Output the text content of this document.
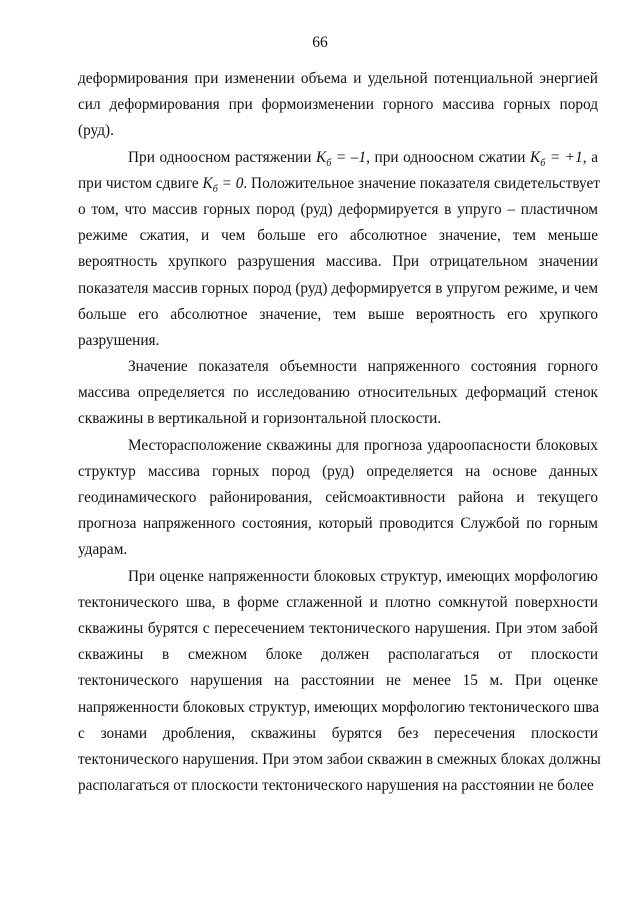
66
деформирования при изменении объема и удельной потенциальной энергией
сил деформирования при формоизменении горного массива горных пород
(руд).
При одноосном растяжении $K_б = -1$, при одноосном сжатии $K_б = +1$, а
при чистом сдвиге $K_б = 0$. Положительное значение показателя свидетельствует
о том, что массив горных пород (руд) деформируется в упруго – пластичном
режиме сжатия, и чем больше его абсолютное значение, тем меньше
вероятность хрупкого разрушения массива. При отрицательном значении
показателя массив горных пород (руд) деформируется в упругом режиме, и чем
больше его абсолютное значение, тем выше вероятность его хрупкого
разрушения.
Значение показателя объемности напряженного состояния горного
массива определяется по исследованию относительных деформаций стенок
скважины в вертикальной и горизонтальной плоскости.
Месторасположение скважины для прогноза удароопасности блоковых
структур массива горных пород (руд) определяется на основе данных
геодинамического районирования, сейсмоактивности района и текущего
прогноза напряженного состояния, который проводится Службой по горным
ударам.
При оценке напряженности блоковых структур, имеющих морфологию
тектонического шва, в форме сглаженной и плотно сомкнутой поверхности
скважины бурятся с пересечением тектонического нарушения. При этом забой
скважины в смежном блоке должен располагаться от плоскости
тектонического нарушения на расстоянии не менее 15 м. При оценке
напряженности блоковых структур, имеющих морфологию тектонического шва
с зонами дробления, скважины бурятся без пересечения плоскости
тектонического нарушения. При этом забои скважин в смежных блоках должны
располагаться от плоскости тектонического нарушения на расстоянии не более
